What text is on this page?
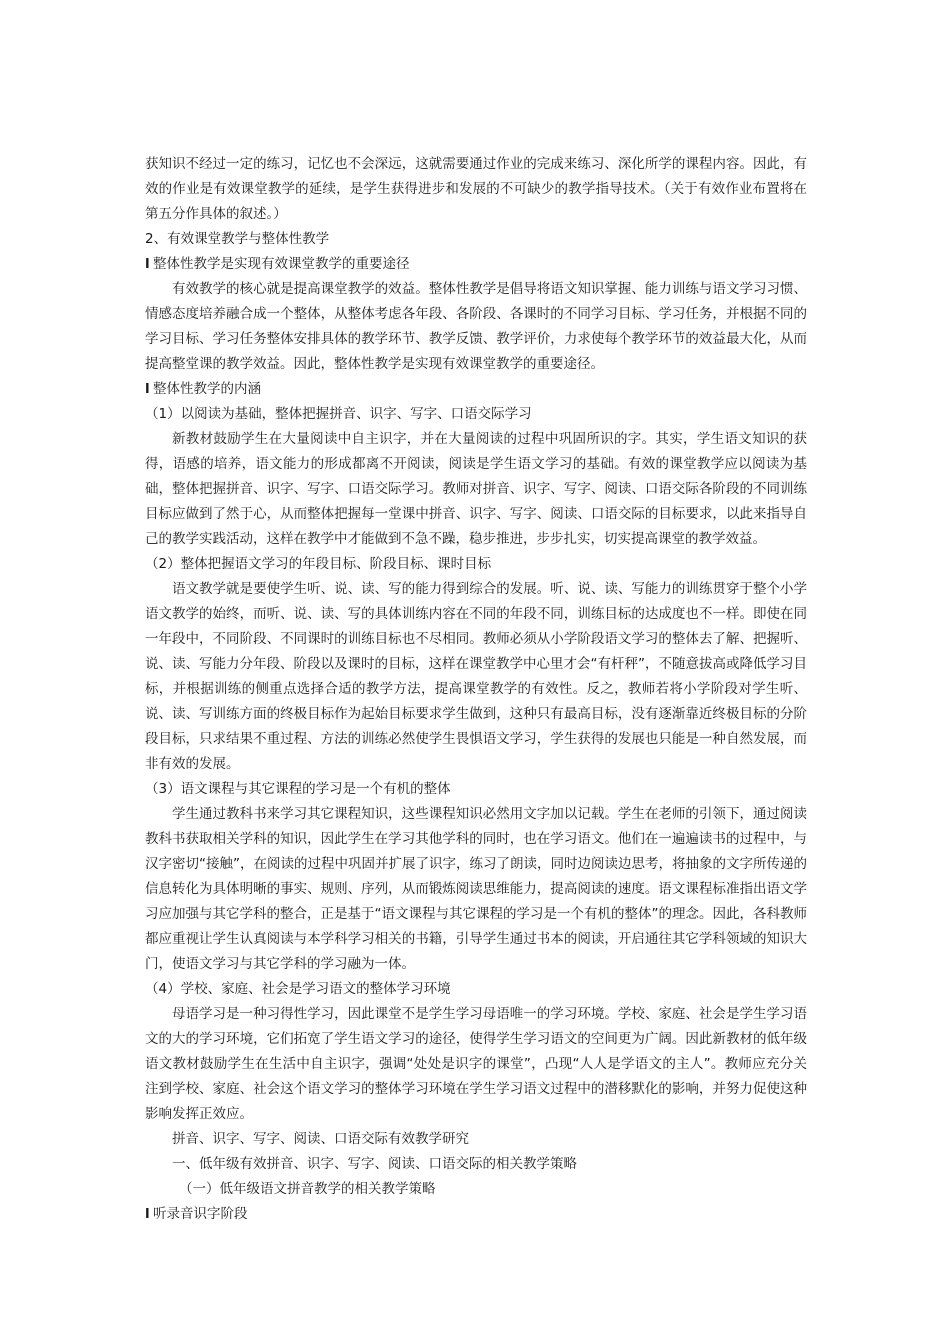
获知识不经过一定的练习，记忆也不会深远，这就需要通过作业的完成来练习、深化所学的课程内容。因此，有效的作业是有效课堂教学的延续，是学生获得进步和发展的不可缺少的教学指导技术。（关于有效作业布置将在第五分作具体的叙述。）

2、有效课堂教学与整体性教学

l 整体性教学是实现有效课堂教学的重要途径

有效教学的核心就是提高课堂教学的效益。整体性教学是倡导将语文知识掌握、能力训练与语文学习习惯、情感态度培养融合成一个整体，从整体考虑各年段、各阶段、各课时的不同学习目标、学习任务，并根据不同的学习目标、学习任务整体安排具体的教学环节、教学反馈、教学评价，力求使每个教学环节的效益最大化，从而提高整堂课的教学效益。因此，整体性教学是实现有效课堂教学的重要途径。

l 整体性教学的内涵

（1）以阅读为基础，整体把握拼音、识字、写字、口语交际学习

新教材鼓励学生在大量阅读中自主识字，并在大量阅读的过程中巩固所识的字。其实，学生语文知识的获得，语感的培养，语文能力的形成都离不开阅读，阅读是学生语文学习的基础。有效的课堂教学应以阅读为基础，整体把握拼音、识字、写字、口语交际学习。教师对拼音、识字、写字、阅读、口语交际各阶段的不同训练目标应做到了然于心，从而整体把握每一堂课中拼音、识字、写字、阅读、口语交际的目标要求，以此来指导自己的教学实践活动，这样在教学中才能做到不急不躁，稳步推进，步步扎实，切实提高课堂的教学效益。

（2）整体把握语文学习的年段目标、阶段目标、课时目标

语文教学就是要使学生听、说、读、写的能力得到综合的发展。听、说、读、写能力的训练贯穿于整个小学语文教学的始终，而听、说、读、写的具体训练内容在不同的年段不同，训练目标的达成度也不一样。即使在同一年段中，不同阶段、不同课时的训练目标也不尽相同。教师必须从小学阶段语文学习的整体去了解、把握听、说、读、写能力分年段、阶段以及课时的目标，这样在课堂教学中心里才会“有杆秤”，不随意拔高或降低学习目标，并根据训练的侧重点选择合适的教学方法，提高课堂教学的有效性。反之，教师若将小学阶段对学生听、说、读、写训练方面的终极目标作为起始目标要求学生做到，这种只有最高目标，没有逐渐靠近终极目标的分阶段目标，只求结果不重过程、方法的训练必然使学生畏惧语文学习，学生获得的发展也只能是一种自然发展，而非有效的发展。

（3）语文课程与其它课程的学习是一个有机的整体

学生通过教科书来学习其它课程知识，这些课程知识必然用文字加以记载。学生在老师的引领下，通过阅读教科书获取相关学科的知识，因此学生在学习其他学科的同时，也在学习语文。他们在一遍遍读书的过程中，与汉字密切“接触”，在阅读的过程中巩固并扩展了识字，练习了朗读，同时边阅读边思考，将抽象的文字所传递的信息转化为具体明晰的事实、规则、序列，从而锻炼阅读思维能力，提高阅读的速度。语文课程标准指出语文学习应加强与其它学科的整合，正是基于“语文课程与其它课程的学习是一个有机的整体”的理念。因此，各科教师都应重视让学生认真阅读与本学科学习相关的书籍，引导学生通过书本的阅读，开启通往其它学科领域的知识大门，使语文学习与其它学科的学习融为一体。

（4）学校、家庭、社会是学习语文的整体学习环境

母语学习是一种习得性学习，因此课堂不是学生学习母语唯一的学习环境。学校、家庭、社会是学生学习语文的大的学习环境，它们拓宽了学生语文学习的途径，使得学生学习语文的空间更为广阔。因此新教材的低年级语文教材鼓励学生在生活中自主识字，强调“处处是识字的课堂”，凸现“人人是学语文的主人”。教师应充分关注到学校、家庭、社会这个语文学习的整体学习环境在学生学习语文过程中的潜移默化的影响，并努力促使这种影响发挥正效应。

拼音、识字、写字、阅读、口语交际有效教学研究

一、低年级有效拼音、识字、写字、阅读、口语交际的相关教学策略

（一）低年级语文拼音教学的相关教学策略

l 听录音识字阶段
